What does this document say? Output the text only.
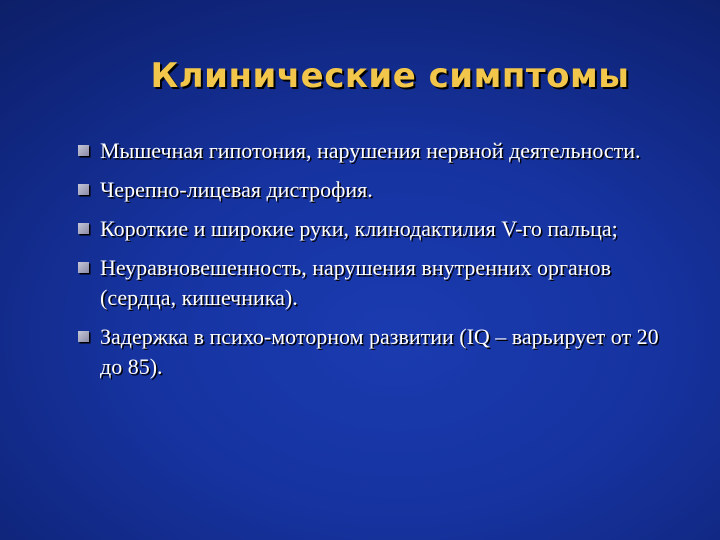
Клинические симптомы
Мышечная гипотония, нарушения нервной деятельности.
Черепно-лицевая дистрофия.
Короткие и широкие руки, клинодактилия V-го пальца;
Неуравновешенность, нарушения внутренних органов (сердца, кишечника).
Задержка в психо-моторном развитии (IQ – варьирует от 20 до 85).
